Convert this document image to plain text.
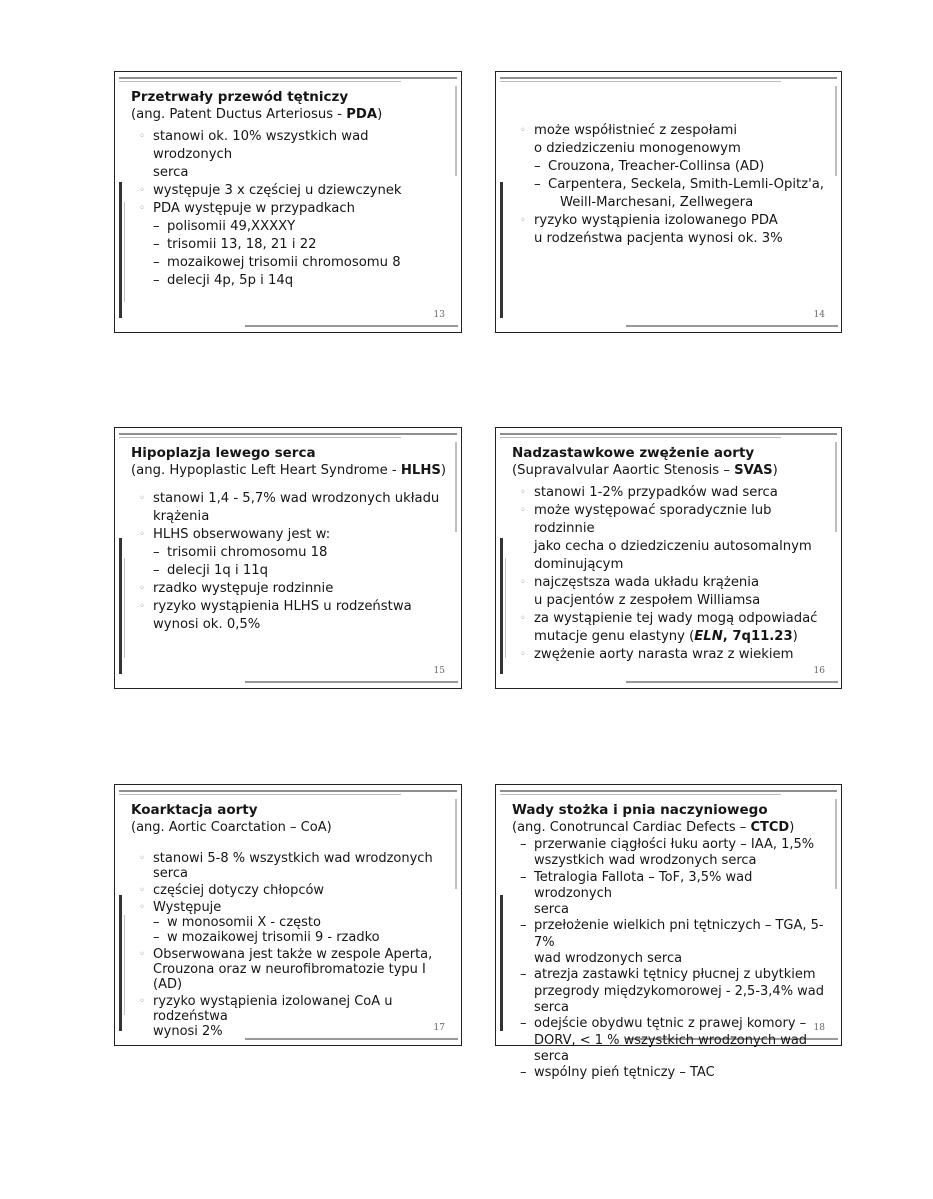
Przetrwały przewód tętniczy
(ang. Patent Ductus Arteriosus - PDA)
◦ stanowi ok. 10% wszystkich wad wrodzonych
serca
◦ występuje 3 x częściej u dziewczynek
◦ PDA występuje w przypadkach
– polisomii 49,XXXXY
– trisomii 13, 18, 21 i 22
– mozaikowej trisomii chromosomu 8
– delecji 4p, 5p i 14q
13
◦ może współistnieć z zespołami
o dziedziczeniu monogenowym
– Crouzona, Treacher-Collinsa (AD)
– Carpentera, Seckela, Smith-Lemli-Opitz'a,
Weill-Marchesani, Zellwegera
◦ ryzyko wystąpienia izolowanego PDA
u rodzeństwa pacjenta wynosi ok. 3%
14
Hipoplazja lewego serca
(ang. Hypoplastic Left Heart Syndrome - HLHS)
◦ stanowi 1,4 - 5,7% wad wrodzonych układu
krążenia
◦ HLHS obserwowany jest w:
– trisomii chromosomu 18
– delecji 1q i 11q
◦ rzadko występuje rodzinnie
◦ ryzyko wystąpienia HLHS u rodzeństwa
wynosi ok. 0,5%
15
Nadzastawkowe zwężenie aorty
(Supravalvular Aaortic Stenosis – SVAS)
◦ stanowi 1-2% przypadków wad serca
◦ może występować sporadycznie lub rodzinnie
jako cecha o dziedziczeniu autosomalnym
dominującym
◦ najczęstsza wada układu krążenia
u pacjentów z zespołem Williamsa
◦ za wystąpienie tej wady mogą odpowiadać
mutacje genu elastyny (ELN, 7q11.23)
◦ zwężenie aorty narasta wraz z wiekiem
16
Koarktacja aorty
(ang. Aortic Coarctation – CoA)
◦ stanowi 5-8 % wszystkich wad wrodzonych
serca
◦ częściej dotyczy chłopców
◦ Występuje
– w monosomii X - często
– w mozaikowej trisomii 9 - rzadko
◦ Obserwowana jest także w zespole Aperta,
Crouzona oraz w neurofibromatozie typu I (AD)
◦ ryzyko wystąpienia izolowanej CoA u rodzeństwa
wynosi 2%	17
Wady stożka i pnia naczyniowego
(ang. Conotruncal Cardiac Defects – CTCD)
– przerwanie ciągłości łuku aorty – IAA, 1,5%
wszystkich wad wrodzonych serca
– Tetralogia Fallota – ToF, 3,5% wad wrodzonych
serca
– przełożenie wielkich pni tętniczych – TGA, 5-7%
wad wrodzonych serca
– atrezja zastawki tętnicy płucnej z ubytkiem
przegrody międzykomorowej - 2,5-3,4% wad
serca
– odejście obydwu tętnic z prawej komory –
DORV, < 1 % wszystkich wrodzonych wad serca
– wspólny pień tętniczy – TAC
18
